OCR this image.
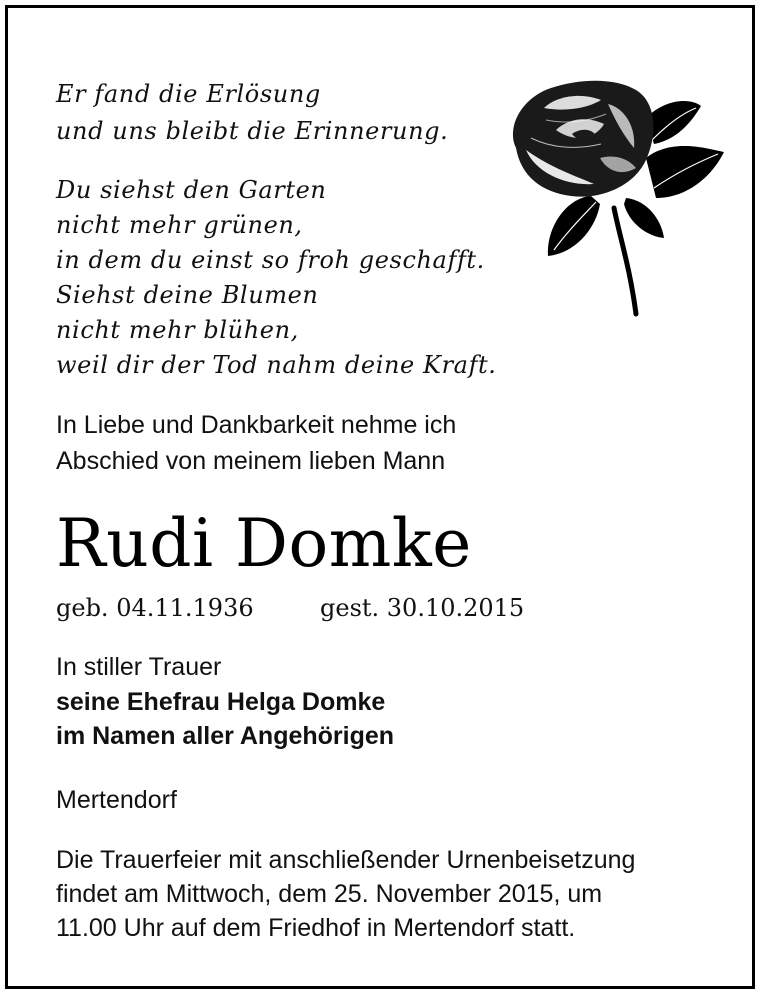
Er fand die Erlösung
und uns bleibt die Erinnerung.
Du siehst den Garten
nicht mehr grünen,
in dem du einst so froh geschafft.
Siehst deine Blumen
nicht mehr blühen,
weil dir der Tod nahm deine Kraft.
In Liebe und Dankbarkeit nehme ich
Abschied von meinem lieben Mann
Rudi Domke
geb. 04.11.1936	gest. 30.10.2015
In stiller Trauer
seine Ehefrau Helga Domke
im Namen aller Angehörigen
Mertendorf
Die Trauerfeier mit anschließender Urnenbeisetzung
findet am Mittwoch, dem 25. November 2015, um
11.00 Uhr auf dem Friedhof in Mertendorf statt.
